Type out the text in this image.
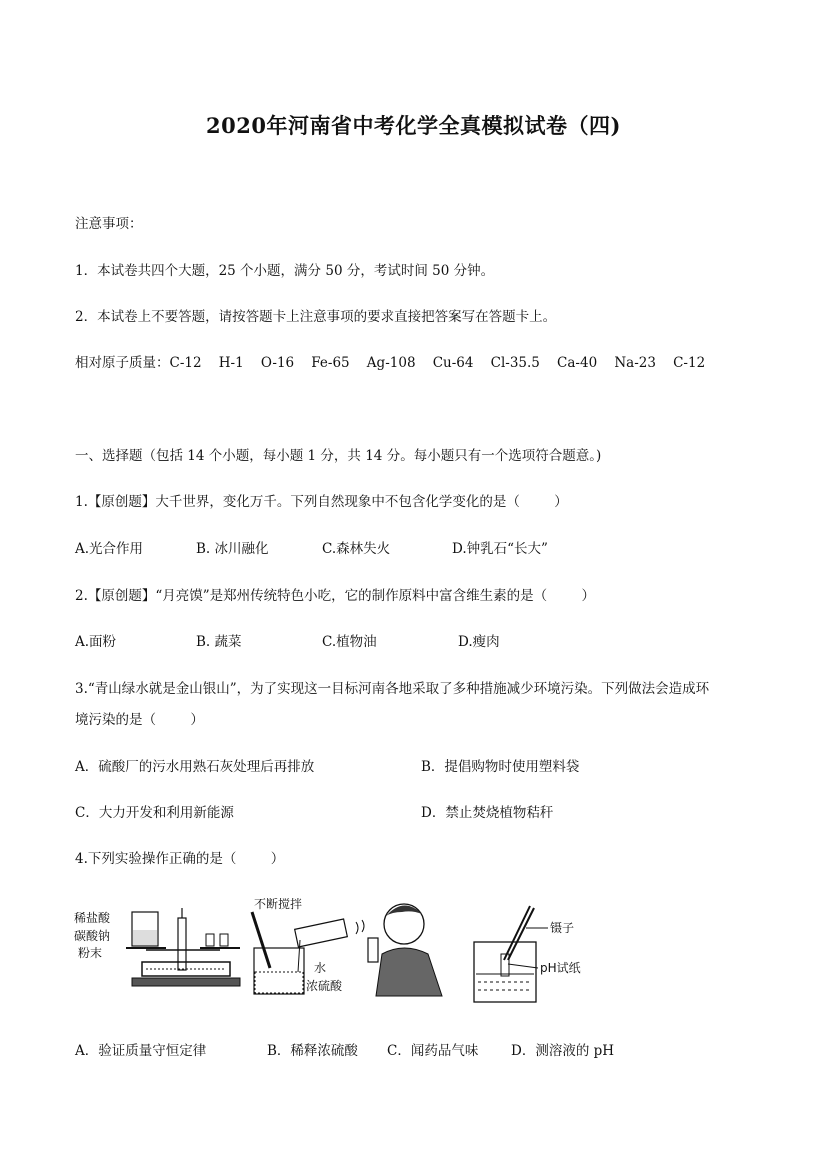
2020年河南省中考化学全真模拟试卷（四)
注意事项：
1．本试卷共四个大题，25 个小题，满分 50 分，考试时间 50 分钟。
2．本试卷上不要答题，请按答题卡上注意事项的要求直接把答案写在答题卡上。
相对原子质量：C-12    H-1    O-16    Fe-65    Ag-108    Cu-64    Cl-35.5    Ca-40    Na-23    C-12
一、选择题（包括 14 个小题，每小题 1 分，共 14 分。每小题只有一个选项符合题意。)
1.【原创题】大千世界，变化万千。下列自然现象中不包含化学变化的是（        ）
A.光合作用	B. 冰川融化	C.森林失火	D.钟乳石“长大”
2.【原创题】“月亮馍”是郑州传统特色小吃，它的制作原料中富含维生素的是（        ）
A.面粉	B. 蔬菜	C.植物油	D.瘦肉
3.“青山绿水就是金山银山”，为了实现这一目标河南各地采取了多种措施减少环境污染。下列做法会造成环
境污染的是（        ）
A．硫酸厂的污水用熟石灰处理后再排放	B．提倡购物时使用塑料袋
C．大力开发和利用新能源	D．禁止焚烧植物秸秆
4.下列实验操作正确的是（        ）
稀盐酸
碳酸钠
粉末
不断搅拌
水
浓硫酸
镊子
pH试纸
A．验证质量守恒定律	B．稀释浓硫酸 C．闻药品气味 D．测溶液的 pH
